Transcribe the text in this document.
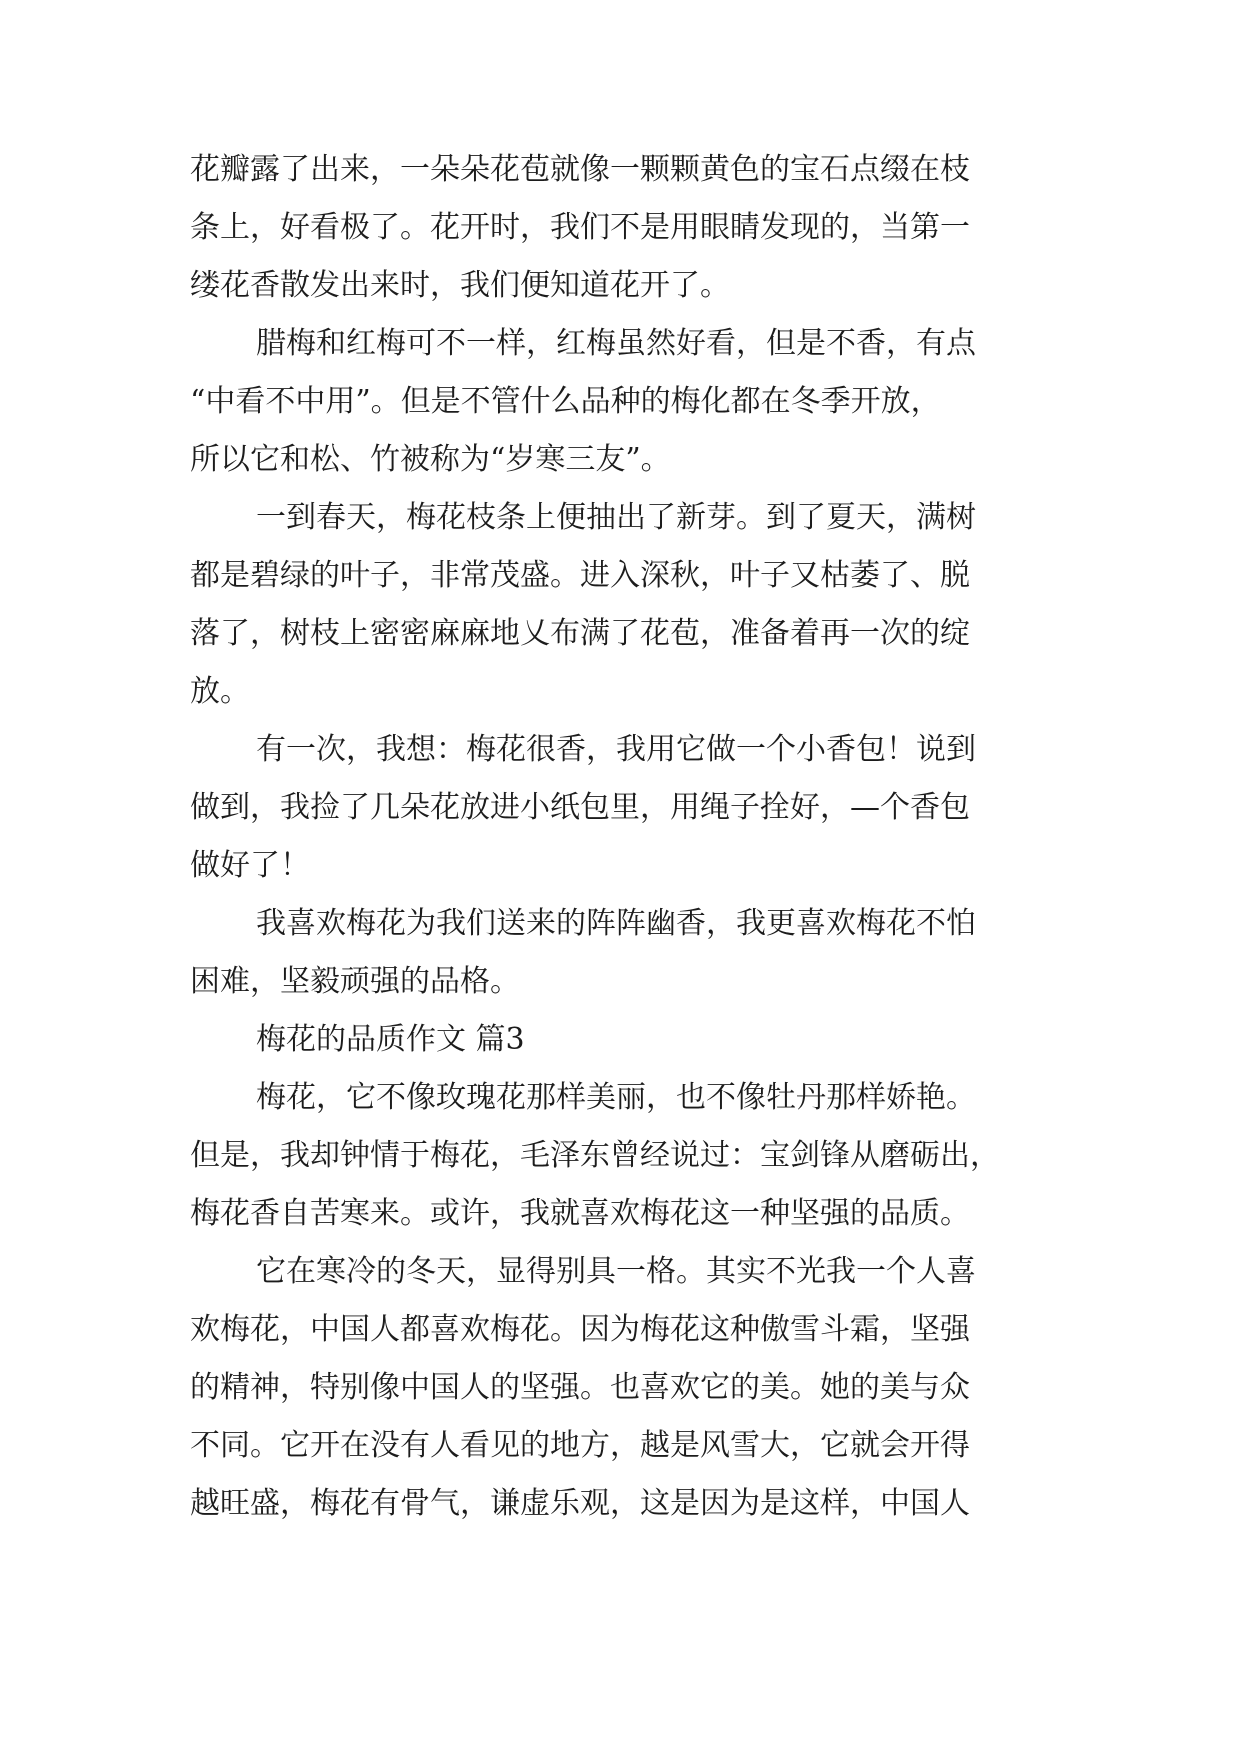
花瓣露了出来，一朵朵花苞就像一颗颗黄色的宝石点缀在枝
条上，好看极了。花开时，我们不是用眼睛发现的，当第一
缕花香散发出来时，我们便知道花开了。
腊梅和红梅可不一样，红梅虽然好看，但是不香，有点
“中看不中用”。但是不管什么品种的梅化都在冬季开放，
所以它和松、竹被称为“岁寒三友”。
一到春天，梅花枝条上便抽出了新芽。到了夏天，满树
都是碧绿的叶子，非常茂盛。进入深秋，叶子又枯萎了、脱
落了，树枝上密密麻麻地乂布满了花苞，准备着再一次的绽
放。
有一次，我想：梅花很香，我用它做一个小香包！说到
做到，我捡了几朵花放进小纸包里，用绳子拴好，—个香包
做好了！
我喜欢梅花为我们送来的阵阵幽香，我更喜欢梅花不怕
困难，坚毅顽强的品格。
梅花的品质作文 篇3
梅花，它不像玫瑰花那样美丽，也不像牡丹那样娇艳。
但是，我却钟情于梅花，毛泽东曾经说过：宝剑锋从磨砺出，
梅花香自苦寒来。或许，我就喜欢梅花这一种坚强的品质。
它在寒冷的冬天，显得别具一格。其实不光我一个人喜
欢梅花，中国人都喜欢梅花。因为梅花这种傲雪斗霜，坚强
的精神，特别像中国人的坚强。也喜欢它的美。她的美与众
不同。它开在没有人看见的地方，越是风雪大，它就会开得
越旺盛，梅花有骨气，谦虚乐观，这是因为是这样，中国人
